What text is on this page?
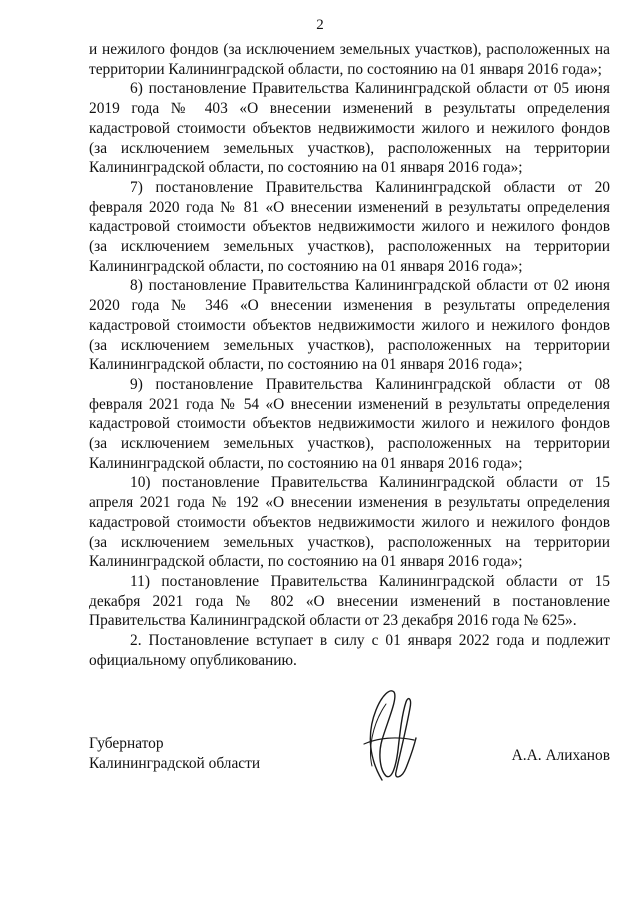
2

и нежилого фондов (за исключением земельных участков), расположенных на территории Калининградской области, по состоянию на 01 января 2016 года»;

6) постановление Правительства Калининградской области от 05 июня 2019 года № 403 «О внесении изменений в результаты определения кадастровой стоимости объектов недвижимости жилого и нежилого фондов (за исключением земельных участков), расположенных на территории Калининградской области, по состоянию на 01 января 2016 года»;

7) постановление Правительства Калининградской области от 20 февраля 2020 года № 81 «О внесении изменений в результаты определения кадастровой стоимости объектов недвижимости жилого и нежилого фондов (за исключением земельных участков), расположенных на территории Калининградской области, по состоянию на 01 января 2016 года»;

8) постановление Правительства Калининградской области от 02 июня 2020 года № 346 «О внесении изменения в результаты определения кадастровой стоимости объектов недвижимости жилого и нежилого фондов (за исключением земельных участков), расположенных на территории Калининградской области, по состоянию на 01 января 2016 года»;

9) постановление Правительства Калининградской области от 08 февраля 2021 года № 54 «О внесении изменений в результаты определения кадастровой стоимости объектов недвижимости жилого и нежилого фондов (за исключением земельных участков), расположенных на территории Калининградской области, по состоянию на 01 января 2016 года»;

10) постановление Правительства Калининградской области от 15 апреля 2021 года № 192 «О внесении изменения в результаты определения кадастровой стоимости объектов недвижимости жилого и нежилого фондов (за исключением земельных участков), расположенных на территории Калининградской области, по состоянию на 01 января 2016 года»;

11) постановление Правительства Калининградской области от 15 декабря 2021 года № 802 «О внесении изменений в постановление Правительства Калининградской области от 23 декабря 2016 года № 625».

2. Постановление вступает в силу с 01 января 2022 года и подлежит официальному опубликованию.

Губернатор
Калининградской области	А.А. Алиханов
